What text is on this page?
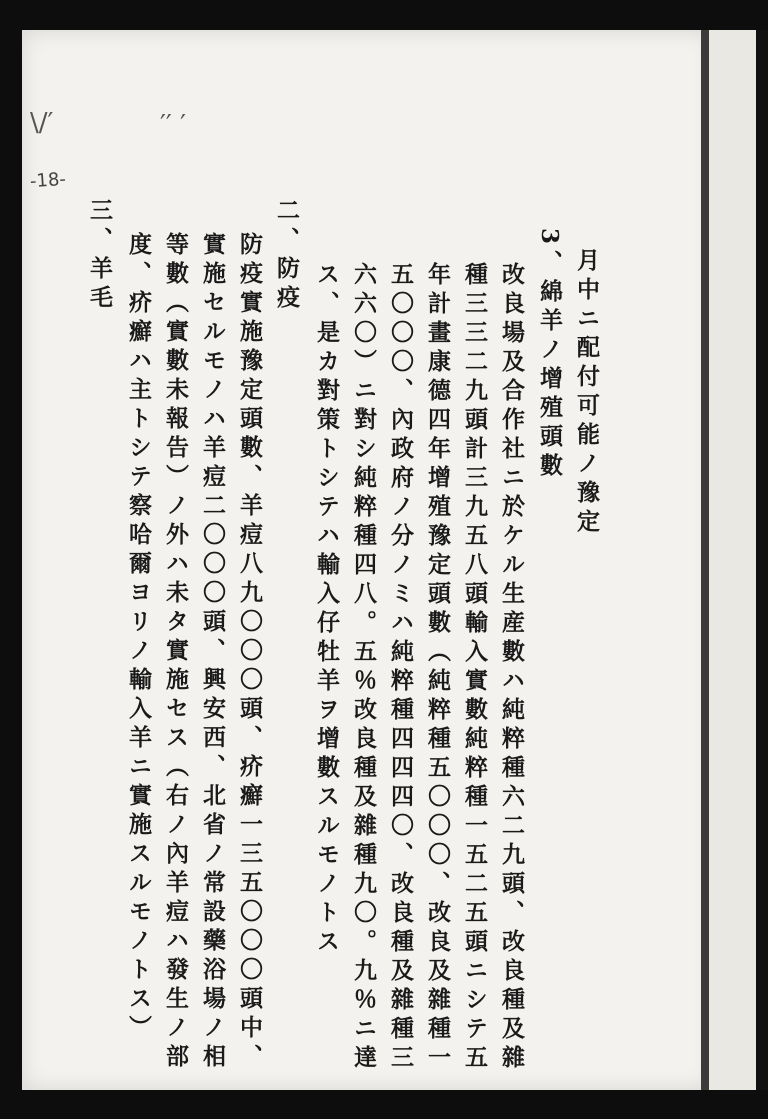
\/′	′′ ′
-18-
月中ニ配付可能ノ豫定
3、綿羊ノ增殖頭數
改良場及合作社ニ於ケル生産數ハ純粹種六二九頭、改良種及雜
種三三二九頭計三九五八頭輸入實數純粹種一五二五頭ニシテ五
年計畫康德四年增殖豫定頭數（純粹種五〇〇〇、改良及雜種一
五〇〇〇、內政府ノ分ノミハ純粹種四四四〇、改良種及雜種三
六六〇）ニ對シ純粹種四八。五％改良種及雜種九〇。九％ニ達
ス、是カ對策トシテハ輸入仔牡羊ヲ增數スルモノトス
二、防疫
防疫實施豫定頭數、羊痘八九〇〇〇頭、疥癬一三五〇〇〇頭中、
實施セルモノハ羊痘二〇〇〇頭、興安西、北省ノ常設藥浴場ノ相
等數（實數未報告）ノ外ハ未タ實施セス（右ノ內羊痘ハ發生ノ部
度、疥癬ハ主トシテ察哈爾ヨリノ輸入羊ニ實施スルモノトス）
三、羊毛
